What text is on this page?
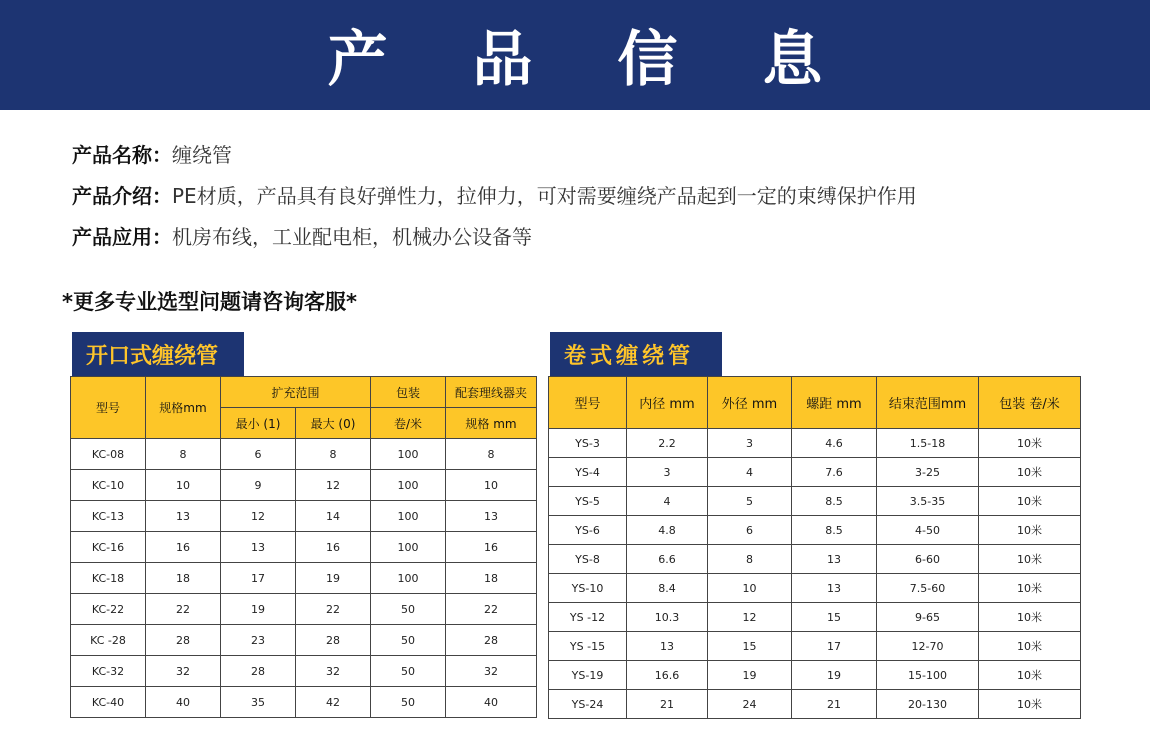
产 品 信 息
产品名称：缠绕管
产品介绍：PE材质，产品具有良好弹性力，拉伸力，可对需要缠绕产品起到一定的束缚保护作用
产品应用：机房布线，工业配电柜，机械办公设备等
*更多专业选型问题请咨询客服*
开口式缠绕管	卷式缠绕管
型号	规格mm	扩充范围		包装	配套理线器夹
		最小 (1)	最大 (0)	卷/米	规格 mm
KC-08	8	6	8	100	8
KC-10	10	9	12	100	10
KC-13	13	12	14	100	13
KC-16	16	13	16	100	16
KC-18	18	17	19	100	18
KC-22	22	19	22	50	22
KC -28	28	23	28	50	28
KC-32	32	28	32	50	32
KC-40	40	35	42	50	40
型号	内径 mm	外径 mm	螺距 mm	结束范围mm	包装 卷/米
YS-3	2.2	3	4.6	1.5-18	10米
YS-4	3	4	7.6	3-25	10米
YS-5	4	5	8.5	3.5-35	10米
YS-6	4.8	6	8.5	4-50	10米
YS-8	6.6	8	13	6-60	10米
YS-10	8.4	10	13	7.5-60	10米
YS -12	10.3	12	15	9-65	10米
YS -15	13	15	17	12-70	10米
YS-19	16.6	19	19	15-100	10米
YS-24	21	24	21	20-130	10米
